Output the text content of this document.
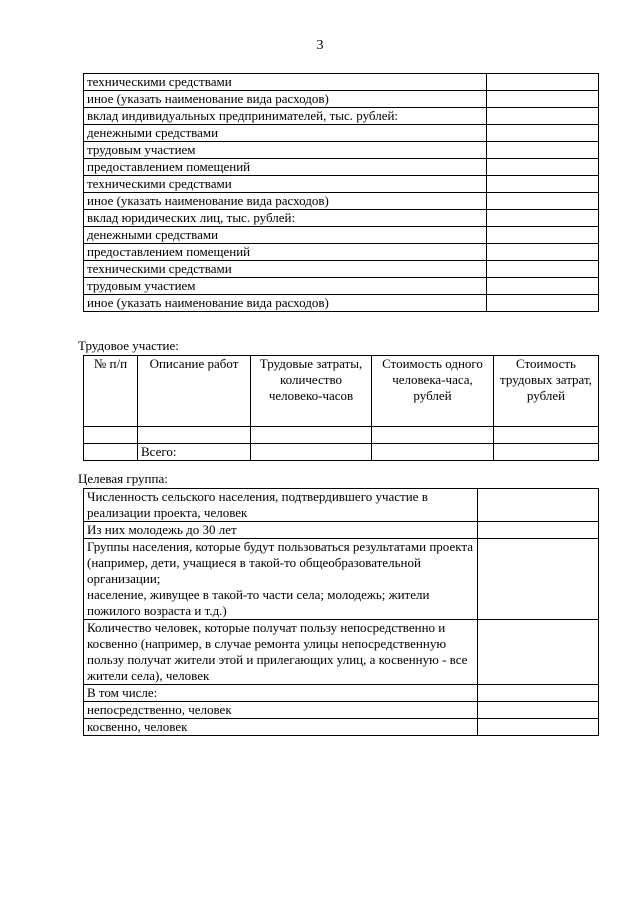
3
техническими средствами	
иное (указать наименование вида расходов)	
вклад индивидуальных предпринимателей, тыс. рублей:	
денежными средствами	
трудовым участием	
предоставлением помещений	
техническими средствами	
иное (указать наименование вида расходов)	
вклад юридических лиц, тыс. рублей:	
денежными средствами	
предоставлением помещений	
техническими средствами	
трудовым участием	
иное (указать наименование вида расходов)	
Трудовое участие:
№ п/п	Описание работ	Трудовые затраты, количество человеко-часов	Стоимость одного человека-часа, рублей	Стоимость трудовых затрат, рублей

	Всего:			
Целевая группа:
Численность сельского населения, подтвердившего участие в реализации проекта, человек	
Из них молодежь до 30 лет	
Группы населения, которые будут пользоваться результатами проекта (например, дети, учащиеся в такой-то общеобразовательной организации;
население, живущее в такой-то части села; молодежь; жители пожилого возраста и т.д.)	
Количество человек, которые получат пользу непосредственно и косвенно (например, в случае ремонта улицы непосредственную пользу получат жители этой и прилегающих улиц, а косвенную - все жители села), человек	
В том числе:	
непосредственно, человек	
косвенно, человек	
